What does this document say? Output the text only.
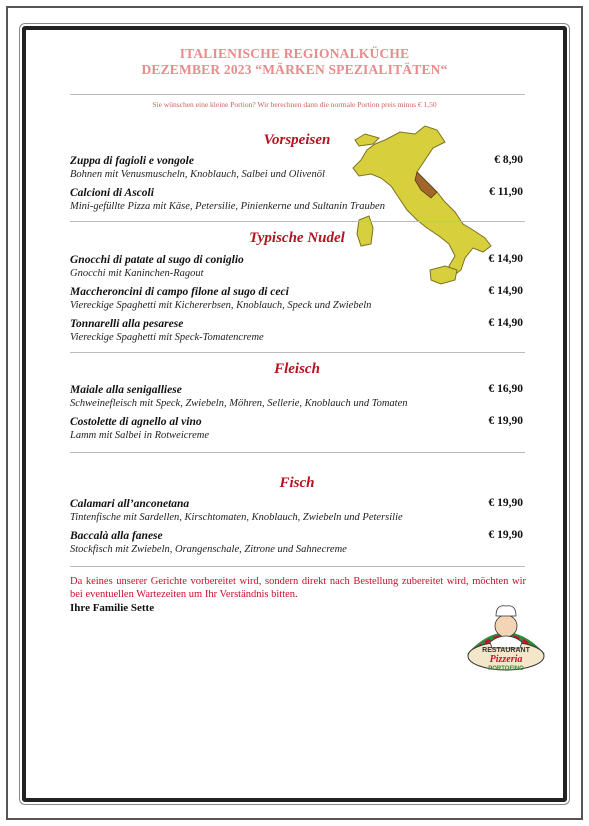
ITALIENISCHE REGIONALKÜCHE
DEZEMBER 2023 “MÄRKEN SPEZIALITÄTEN“
Sie wünschen eine kleine Portion? Wir berechnen dann die normale Portion preis minus € 1,50
Vorspeisen
Zuppa di fagioli e vongole
Bohnen mit Venusmuscheln, Knoblauch, Salbei und Olivenöl
€ 8,90
Calcioni di Ascoli
Mini-gefüllte Pizza mit Käse, Petersilie, Pinienkerne und Sultanin Trauben
€ 11,90
Typische Nudel
Gnocchi di patate al sugo di coniglio
Gnocchi mit Kaninchen-Ragout
€ 14,90
Maccheroncini di campo filone al sugo di ceci
Viereckige Spaghetti mit Kichererbsen, Knoblauch, Speck und Zwiebeln
€ 14,90
Tonnarelli alla pesarese
Viereckige Spaghetti mit Speck-Tomatencreme
€ 14,90
Fleisch
Maiale alla senigalliese
Schweinefleisch mit Speck, Zwiebeln, Möhren, Sellerie, Knoblauch und Tomaten
€ 16,90
Costolette di agnello al vino
Lamm mit Salbei in Rotweicreme
€ 19,90
Fisch
Calamari all’anconetana
Tintenfische mit Sardellen, Kirschtomaten, Knoblauch, Zwiebeln und Petersilie
€ 19,90
Baccalà alla fanese
Stockfisch mit Zwiebeln, Orangenschale, Zitrone und Sahnecreme
€ 19,90
Da keines unserer Gerichte vorbereitet wird, sondern direkt nach Bestellung zubereitet wird, möchten wir bei eventuellen Wartezeiten um Ihr Verständnis bitten.
Ihre Familie Sette
RESTAURANT
Pizzeria
PORTOFINO
